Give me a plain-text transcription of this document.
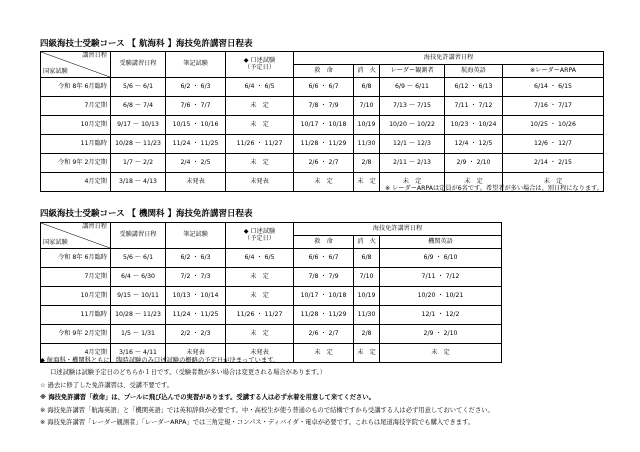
四級海技士受験コース 【 航海科 】海技免許講習日程表
講習日程
国家試験	受験講習日程	筆記試験	◆ 口述試験
（予定日）	海技免許講習日程				
				救　命	消　火	レーダー観測者	航海英語	※レーダーARPA
令和 8年 6月臨時	5/6 〜 6/1	6/2 ・ 6/3	6/4 ・ 6/5	6/6 ・ 6/7	6/8	6/9 〜 6/11	6/12 ・ 6/13	6/14 ・ 6/15
7月定期	6/8 〜 7/4	7/6 ・ 7/7	未　定	7/8 ・ 7/9	7/10	7/13 〜 7/15	7/11 ・ 7/12	7/16 ・ 7/17
10月定期	9/17 〜 10/13	10/15 ・ 10/16	未　定	10/17 ・ 10/18	10/19	10/20 〜 10/22	10/23 ・ 10/24	10/25 ・ 10/26
11月臨時	10/28 〜 11/23	11/24 ・ 11/25	11/26 ・ 11/27	11/28 ・ 11/29	11/30	12/1 〜 12/3	12/4 ・ 12/5	12/6 ・ 12/7
令和 9年 2月定期	1/7 〜 2/2	2/4 ・ 2/5	未　定	2/6 ・ 2/7	2/8	2/11 〜 2/13	2/9 ・ 2/10	2/14 ・ 2/15
4月定期	3/18 〜 4/13	未発表	未発表	未　定	未　定	未　定	未　定	未　定
※ レーダーARPAは定員が6名です。希望者が多い場合は、別日程になります。
四級海技士受験コース 【 機関科 】海技免許講習日程表
講習日程
国家試験	受験講習日程	筆記試験	◆ 口述試験
（予定日）	海技免許講習日程		
				救　命	消　火	機関英語
令和 8年 6月臨時	5/6 〜 6/1	6/2 ・ 6/3	6/4 ・ 6/5	6/6 ・ 6/7	6/8	6/9 ・ 6/10
7月定期	6/4 〜 6/30	7/2 ・ 7/3	未　定	7/8 ・ 7/9	7/10	7/11 ・ 7/12
10月定期	9/15 〜 10/11	10/13 ・ 10/14	未　定	10/17 ・ 10/18	10/19	10/20 ・ 10/21
11月臨時	10/28 〜 11/23	11/24 ・ 11/25	11/26 ・ 11/27	11/28 ・ 11/29	11/30	12/1 ・ 12/2
令和 9年 2月定期	1/5 〜 1/31	2/2 ・ 2/3	未　定	2/6 ・ 2/7	2/8	2/9 ・ 2/10
4月定期	3/16 〜 4/11	未発表	未発表	未　定	未　定	未　定
◆ 航海科・機関科ともに、臨時試験のみ口述試験の概略の予定日が決まっています。
口述試験は試験予定日のどちらか１日です。（受験者数が多い場合は変更される場合があります。）
☆ 過去に修了した免許講習は、受講不要です。
※ 海技免許講習「救命」は、プールに飛び込んでの実習があります。受講する人は必ず水着を用意して来てください。
※ 海技免許講習「航海英語」と「機関英語」では英和辞典が必要です。中・高校生が使う普通のもので結構ですから受講する人は必ず用意しておいてください。
※ 海技免許講習「レーダー観測者」「レーダーARPA」では三角定規・コンパス・ディバイダ・電卓が必要です。これらは尾道海技学院でも購入できます。
